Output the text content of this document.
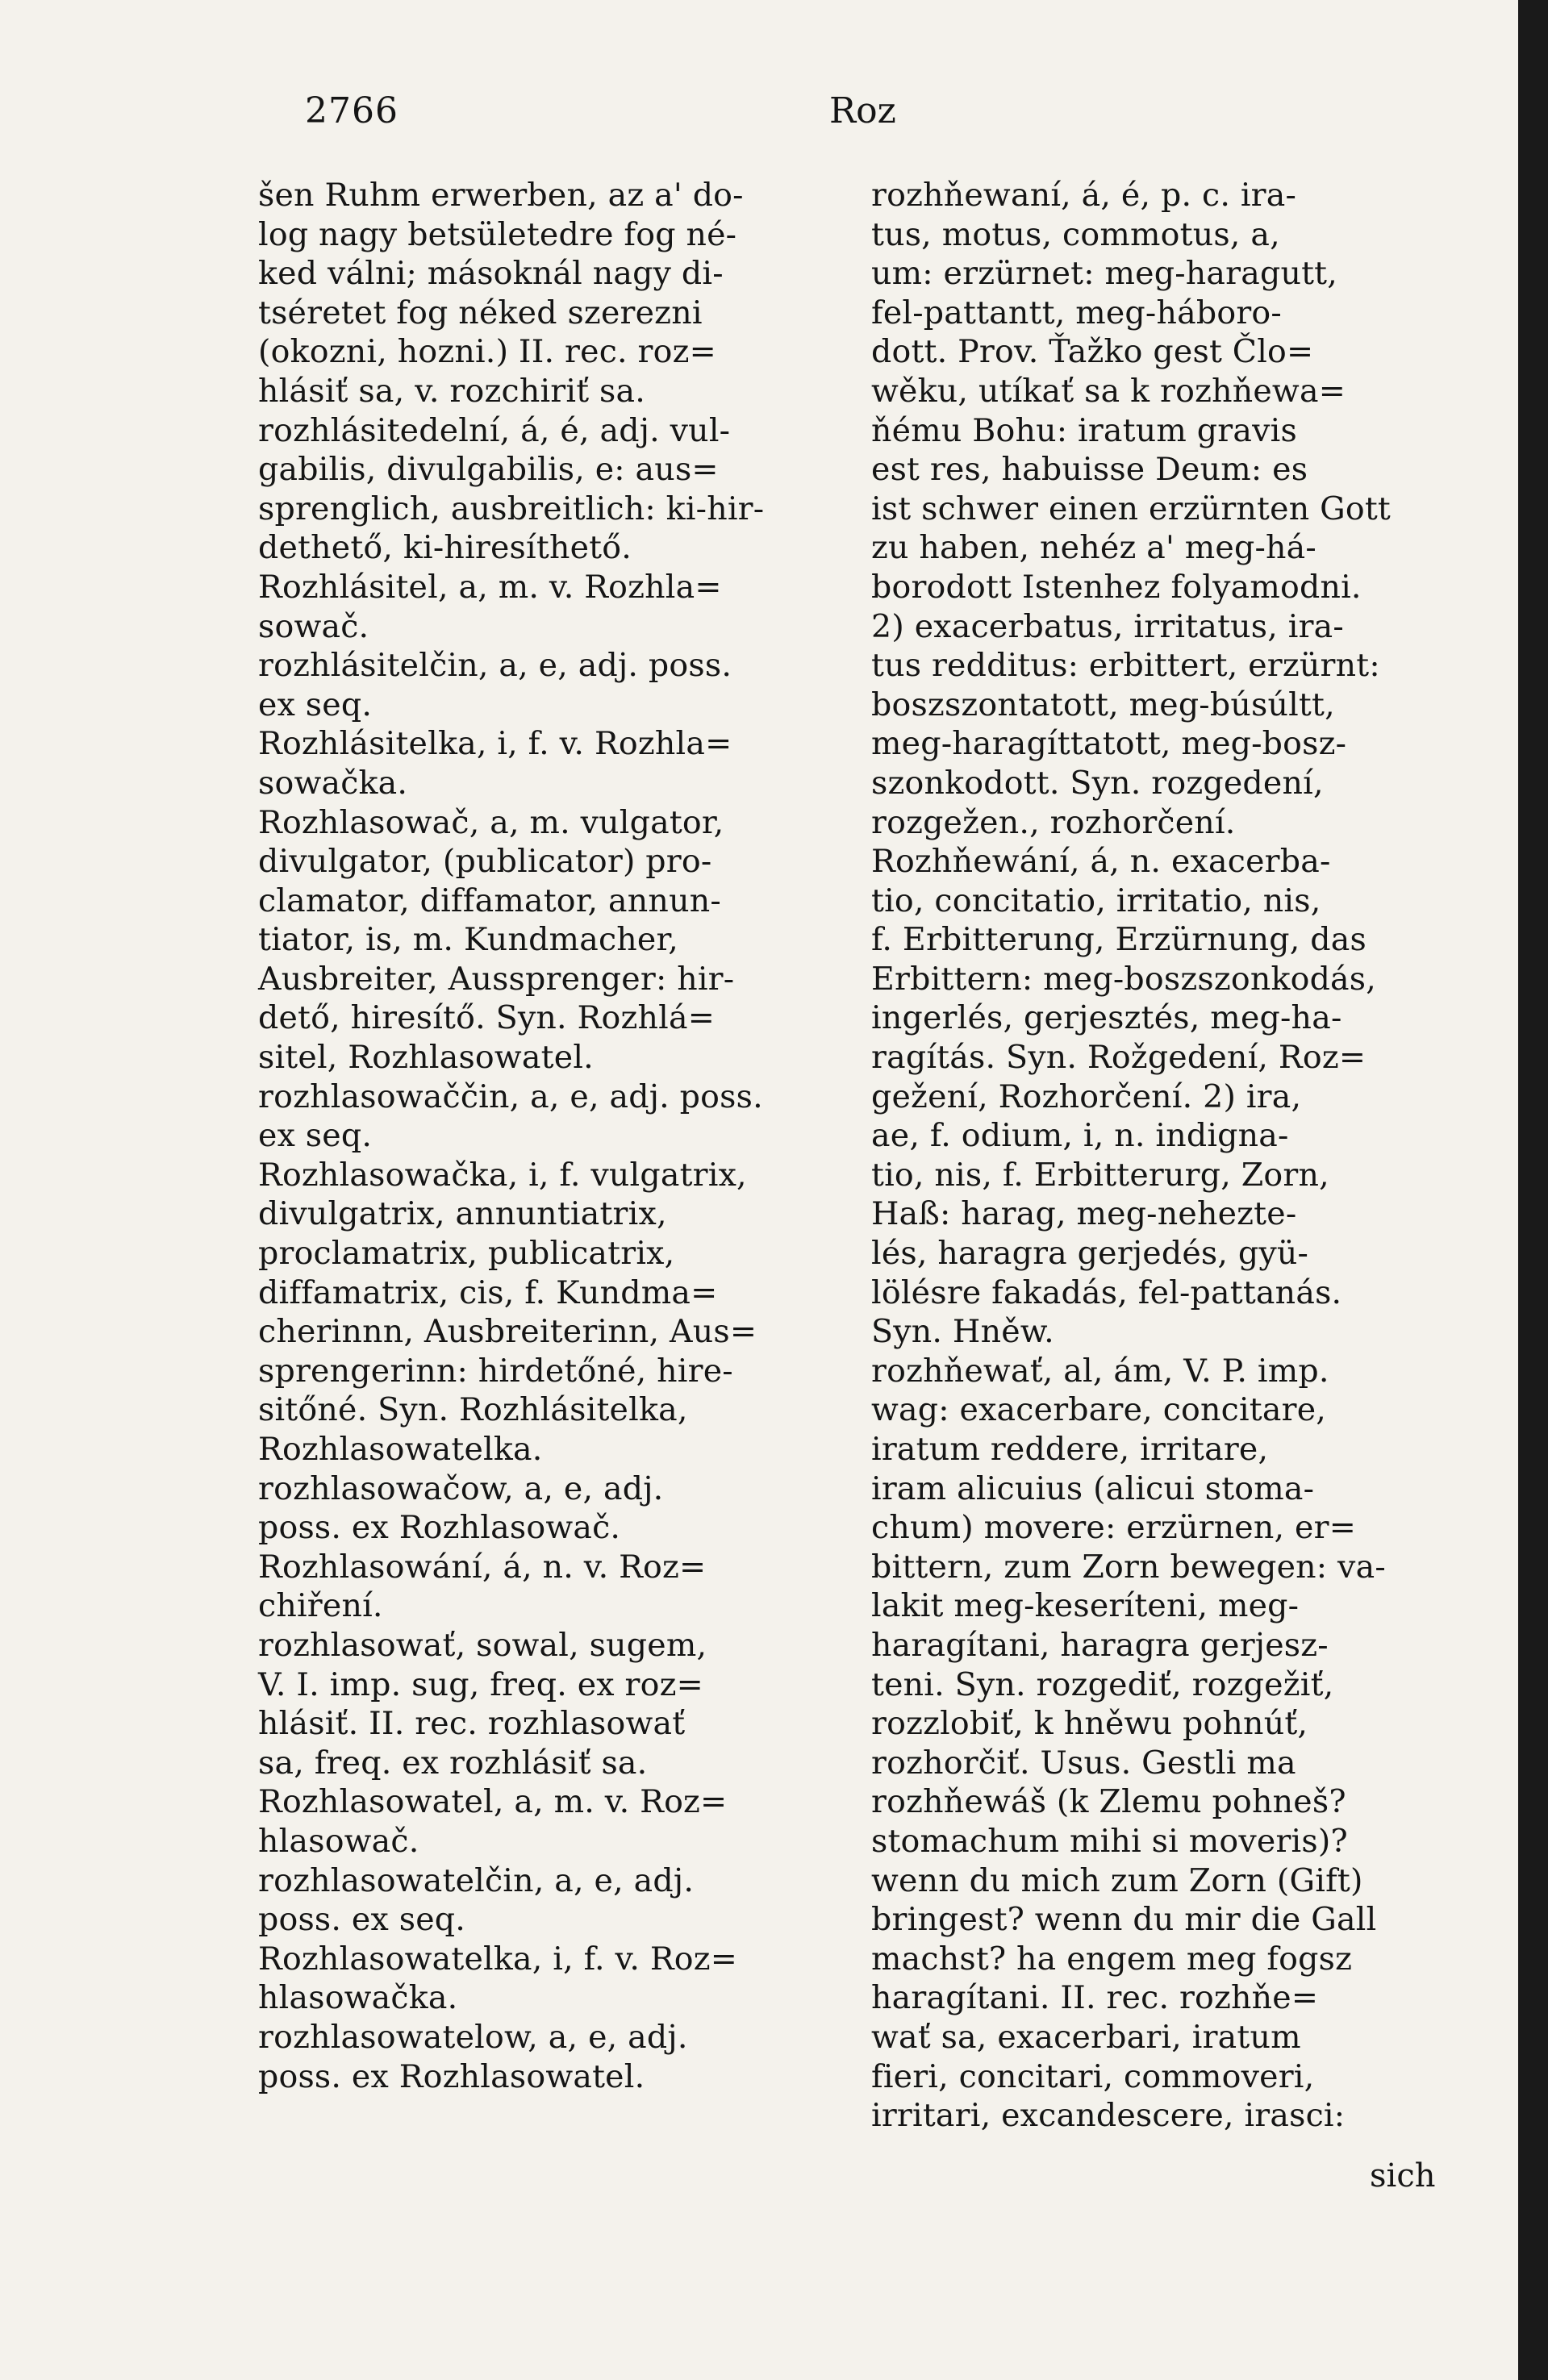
2766	Roz
šen Ruhm erwerben, az a' do-
log nagy betsületedre fog né-
ked válni; másoknál nagy di-
tséretet fog néked szerezni
(okozni, hozni.) II. rec. roz=
hlásiť sa, v. rozchiriť sa.
rozhlásitedelní, á, é, adj. vul-
gabilis, divulgabilis, e: aus=
sprenglich, ausbreitlich: ki-hir-
dethető, ki-hiresíthető.
Rozhlásitel, a, m. v. Rozhla=
sowač.
rozhlásitelčin, a, e, adj. poss.
ex seq.
Rozhlásitelka, i, f. v. Rozhla=
sowačka.
Rozhlasowač, a, m. vulgator,
divulgator, (publicator) pro-
clamator, diffamator, annun-
tiator, is, m. Kundmacher,
Ausbreiter, Aussprenger: hir-
dető, hiresítő. Syn. Rozhlá=
sitel, Rozhlasowatel.
rozhlasowaččin, a, e, adj. poss.
ex seq.
Rozhlasowačka, i, f. vulgatrix,
divulgatrix, annuntiatrix,
proclamatrix, publicatrix,
diffamatrix, cis, f. Kundma=
cherinnn, Ausbreiterinn, Aus=
sprengerinn: hirdetőné, hire-
sitőné. Syn. Rozhlásitelka,
Rozhlasowatelka.
rozhlasowačow, a, e, adj.
poss. ex Rozhlasowač.
Rozhlasowání, á, n. v. Roz=
chiření.
rozhlasowať, sowal, sugem,
V. I. imp. sug, freq. ex roz=
hlásiť. II. rec. rozhlasowať
sa, freq. ex rozhlásiť sa.
Rozhlasowatel, a, m. v. Roz=
hlasowač.
rozhlasowatelčin, a, e, adj.
poss. ex seq.
Rozhlasowatelka, i, f. v. Roz=
hlasowačka.
rozhlasowatelow, a, e, adj.
poss. ex Rozhlasowatel.
rozhňewaní, á, é, p. c. ira-
tus, motus, commotus, a,
um: erzürnet: meg-haragutt,
fel-pattantt, meg-háboro-
dott. Prov. Ťažko gest Člo=
wěku, utíkať sa k rozhňewa=
ňému Bohu: iratum gravis
est res, habuisse Deum: es
ist schwer einen erzürnten Gott
zu haben, nehéz a' meg-há-
borodott Istenhez folyamodni.
2) exacerbatus, irritatus, ira-
tus redditus: erbittert, erzürnt:
boszszontatott, meg-búsúltt,
meg-haragíttatott, meg-bosz-
szonkodott. Syn. rozgedení,
rozgežen., rozhorčení.
Rozhňewání, á, n. exacerba-
tio, concitatio, irritatio, nis,
f. Erbitterung, Erzürnung, das
Erbittern: meg-boszszonkodás,
ingerlés, gerjesztés, meg-ha-
ragítás. Syn. Rožgedení, Roz=
gežení, Rozhorčení. 2) ira,
ae, f. odium, i, n. indigna-
tio, nis, f. Erbitterurg, Zorn,
Haß: harag, meg-nehezte-
lés, haragra gerjedés, gyü-
lölésre fakadás, fel-pattanás.
Syn. Hněw.
rozhňewať, al, ám, V. P. imp.
wag: exacerbare, concitare,
iratum reddere, irritare,
iram alicuius (alicui stoma-
chum) movere: erzürnen, er=
bittern, zum Zorn bewegen: va-
lakit meg-keseríteni, meg-
haragítani, haragra gerjesz-
teni. Syn. rozgediť, rozgežiť,
rozzlobiť, k hněwu pohnúť,
rozhorčiť. Usus. Gestli ma
rozhňewáš (k Zlemu pohneš?
stomachum mihi si moveris)?
wenn du mich zum Zorn (Gift)
bringest? wenn du mir die Gall
machst? ha engem meg fogsz
haragítani. II. rec. rozhňe=
wať sa, exacerbari, iratum
fieri, concitari, commoveri,
irritari, excandescere, irasci:
sich
